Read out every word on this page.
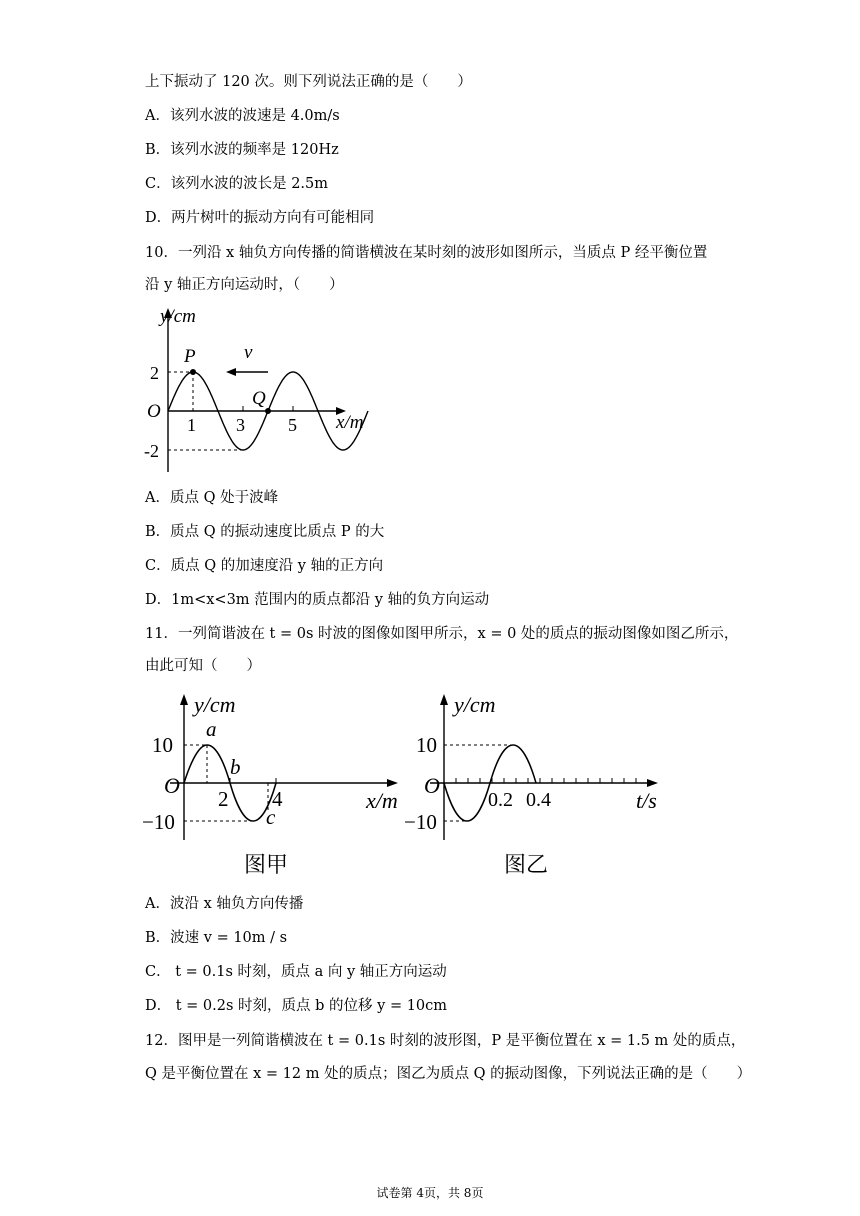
上下振动了 120 次。则下列说法正确的是（　　）
A．该列水波的波速是 4.0m/s
B．该列水波的频率是 120Hz
C．该列水波的波长是 2.5m
D．两片树叶的振动方向有可能相同
10．一列沿 x 轴负方向传播的简谐横波在某时刻的波形如图所示，当质点 P 经平衡位置
沿 y 轴正方向运动时，（　　）
y/cm
x/m
O
2
-2
1 3 5
P
Q
v
A．质点 Q 处于波峰
B．质点 Q 的振动速度比质点 P 的大
C．质点 Q 的加速度沿 y 轴的正方向
D．1m<x<3m 范围内的质点都沿 y 轴的负方向运动
11．一列简谐波在 t = 0s 时波的图像如图甲所示，x = 0 处的质点的振动图像如图乙所示，
由此可知（　　）
y/cm
x/m
O
10
−10
2 4
a
b
c
图甲
y/cm
t/s
O
10
−10
0.2 0.4
图乙
A．波沿 x 轴负方向传播
B．波速 v = 10m / s
C． t = 0.1s 时刻，质点 a 向 y 轴正方向运动
D． t = 0.2s 时刻，质点 b 的位移 y = 10cm
12．图甲是一列简谐横波在 t = 0.1s 时刻的波形图，P 是平衡位置在 x = 1.5 m 处的质点，
Q 是平衡位置在 x = 12 m 处的质点；图乙为质点 Q 的振动图像，下列说法正确的是（　　）
试卷第 4页，共 8页
